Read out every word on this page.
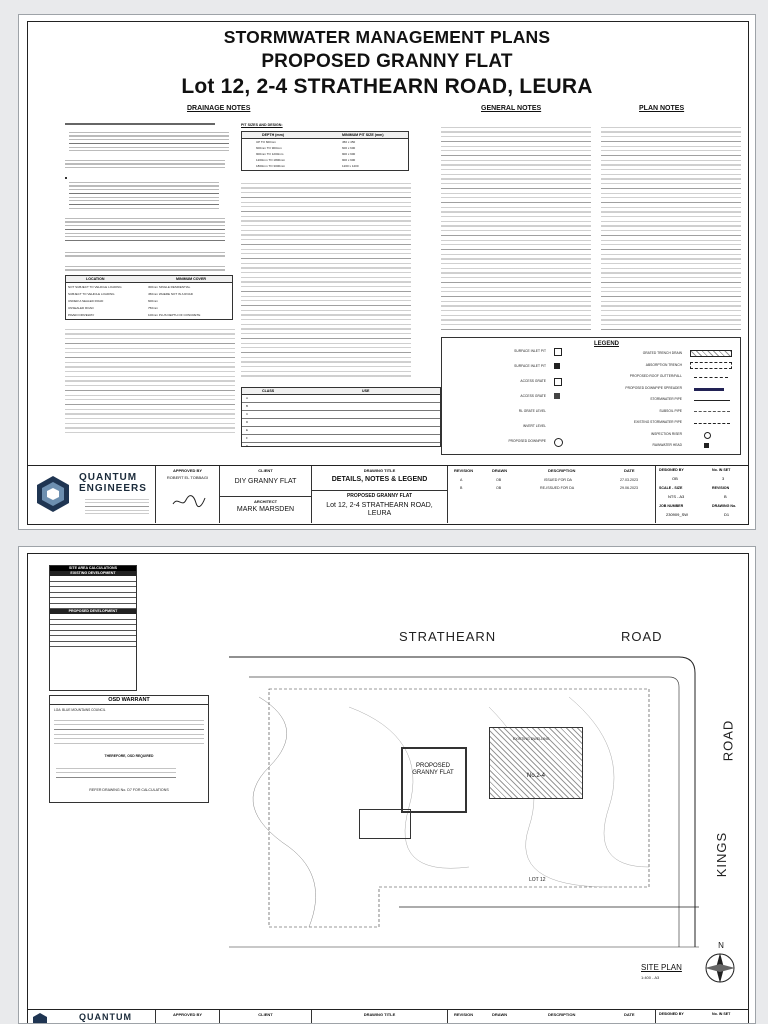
STORMWATER MANAGEMENT PLANS
PROPOSED GRANNY FLAT
Lot 12, 2-4 STRATHEARN ROAD, LEURA
DRAINAGE NOTES	GENERAL NOTES	PLAN NOTES
LOCATION	MINIMUM COVER
NOT SUBJECT TO VEHICLE LOADING	300mm SINGLE RESIDENTIAL
SUBJECT TO VEHICLE LOADING	450mm WHERE NOT IN A ROAD
UNDER A SEALED ROAD	600mm
UNSEALED ROAD	750mm
PAVED DRIVEWAY	100mm PLUS DEPTH OF CONCRETE
PIT SIZES AND DESIGN:
DEPTH (mm)	MINIMUM PIT SIZE (mm)
UP TO 600mm	450 x 450
600mm TO 900mm	600 x 600
900mm TO 1200mm	900 x 900
1200mm TO 1800mm	900 x 900
1800mm TO 3000mm	1200 x 1200
CLASS	USE
A
B
C
D
E
F
G
LEGEND
SURFACE INLET PIT
SURFACE INLET PIT
ACCESS GRATE
ACCESS GRATE
RL GRATE LEVEL
INVERT LEVEL
PROPOSED DOWNPIPE
GRATED TRENCH DRAIN
ABSORPTION TRENCH
PROPOSED ROOF GUTTER/FALL
PROPOSED DOWNPIPE SPREADER
STORMWATER PIPE
SUBSOIL PIPE
EXISTING STORMWATER PIPE
INSPECTION RISER
RAINWATER HEAD
QUANTUM
ENGINEERS
APPROVED BY
ROBERT EL TOBBAGI
CLIENT
DIY GRANNY FLAT
ARCHITECT
MARK MARSDEN
DRAWING TITLE
DETAILS, NOTES & LEGEND
PROPOSED GRANNY FLAT
Lot 12, 2-4 STRATHEARN ROAD, LEURA
REVISION	DRAWN	DESCRIPTION	DATE
A	OB	ISSUED FOR DA	27.03.2023
B	OB	RE-ISSUED FOR DA	29.06.2023
DESIGNED BY	No. IN SET
OB	3
SCALE - SIZE	REVISION
NTS - A3	B
JOB NUMBER	DRAWING No.
230909_SW	D1
SITE AREA CALCULATIONS
EXISTING DEVELOPMENT

PROPOSED DEVELOPMENT

OSD WARRANT
LGA: BLUE MOUNTAINS COUNCIL
THEREFORE, OSD REQUIRED
REFER DRAWING No. D7 FOR CALCULATIONS
STRATHEARN	ROAD
ROAD
KINGS
EXISTING DWELLING
No.2-4
PROPOSED GRANNY FLAT
LOT 12
SITE PLAN
1:400 - A3
N
QUANTUM	APPROVED BY	CLIENT	DRAWING TITLE	REVISION	DRAWN	DESCRIPTION	DATE	DESIGNED BY	No. IN SET
